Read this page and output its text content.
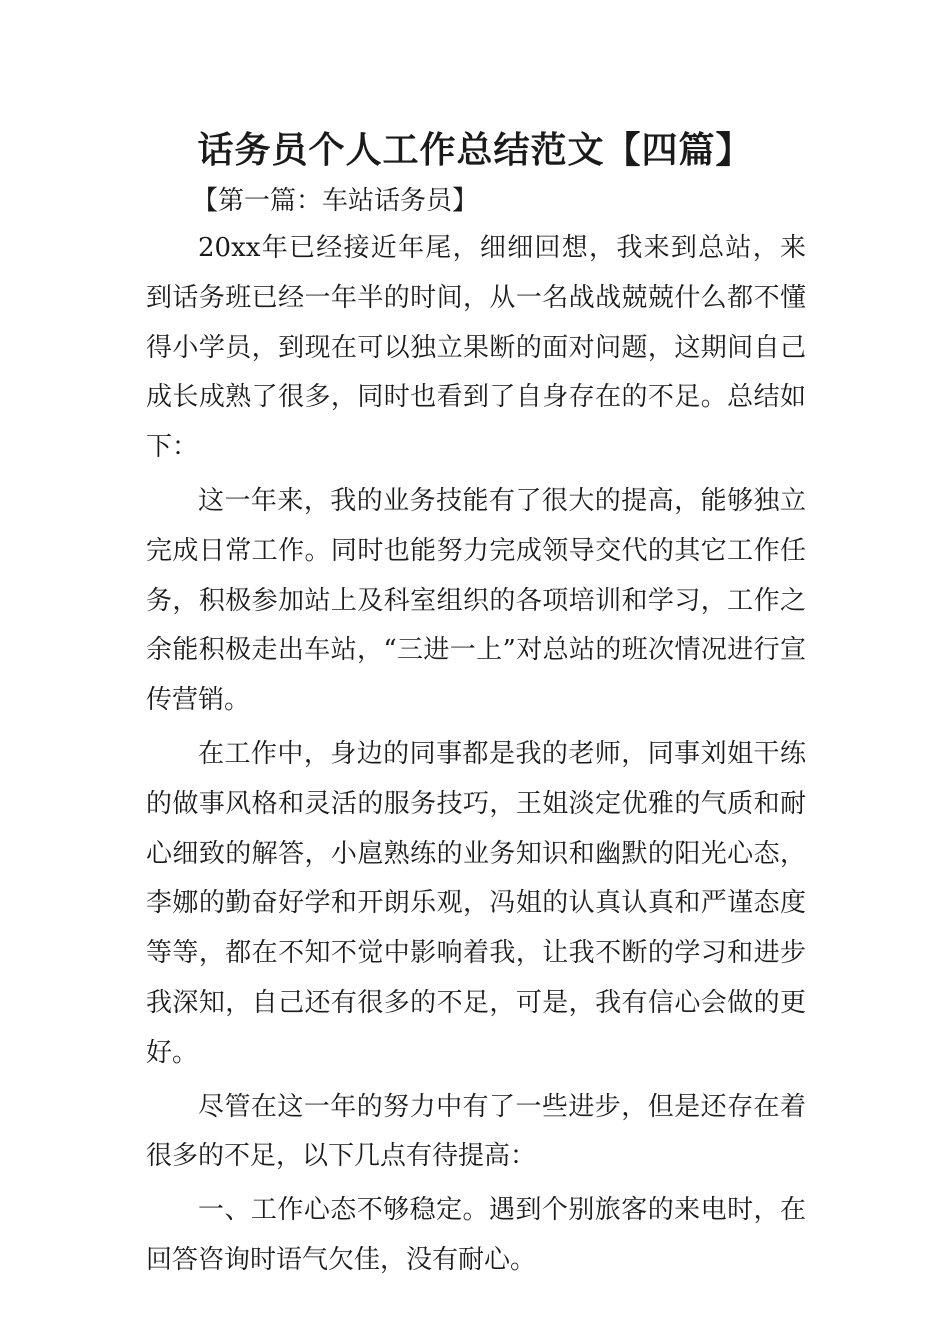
话务员个人工作总结范文【四篇】

【第一篇：车站话务员】

20xx年已经接近年尾，细细回想，我来到总站，来到话务班已经一年半的时间，从一名战战兢兢什么都不懂得小学员，到现在可以独立果断的面对问题，这期间自己成长成熟了很多，同时也看到了自身存在的不足。总结如下：

这一年来，我的业务技能有了很大的提高，能够独立完成日常工作。同时也能努力完成领导交代的其它工作任务，积极参加站上及科室组织的各项培训和学习，工作之余能积极走出车站，“三进一上”对总站的班次情况进行宣传营销。

在工作中，身边的同事都是我的老师，同事刘姐干练的做事风格和灵活的服务技巧，王姐淡定优雅的气质和耐心细致的解答，小扈熟练的业务知识和幽默的阳光心态，李娜的勤奋好学和开朗乐观，冯姐的认真认真和严谨态度等等，都在不知不觉中影响着我，让我不断的学习和进步我深知，自己还有很多的不足，可是，我有信心会做的更好。

尽管在这一年的努力中有了一些进步，但是还存在着很多的不足，以下几点有待提高：

一、工作心态不够稳定。遇到个别旅客的来电时，在回答咨询时语气欠佳，没有耐心。
